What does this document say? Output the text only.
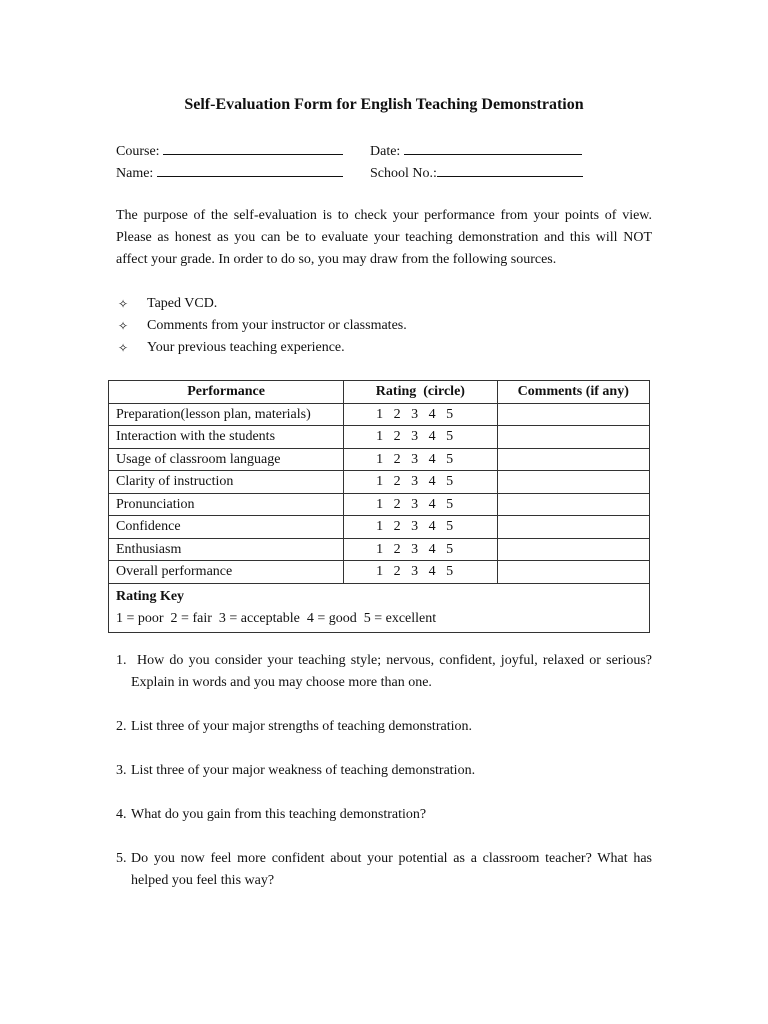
Self-Evaluation Form for English Teaching Demonstration
Course:	Date:
Name:	School No.:
The purpose of the self-evaluation is to check your performance from your points of view. Please as honest as you can be to evaluate your teaching demonstration and this will NOT affect your grade. In order to do so, you may draw from the following sources.
✧ Taped VCD.
✧ Comments from your instructor or classmates.
✧ Your previous teaching experience.
Performance	Rating  (circle)	Comments (if any)
Preparation(lesson plan, materials)	1 2 3 4 5	
Interaction with the students	1 2 3 4 5	
Usage of classroom language	1 2 3 4 5	
Clarity of instruction	1 2 3 4 5	
Pronunciation	1 2 3 4 5	
Confidence	1 2 3 4 5	
Enthusiasm	1 2 3 4 5	
Overall performance	1 2 3 4 5	

Rating Key
1 = poor  2 = fair  3 = acceptable  4 = good  5 = excellent		
1. How do you consider your teaching style; nervous, confident, joyful, relaxed or serious? Explain in words and you may choose more than one.
2. List three of your major strengths of teaching demonstration.
3. List three of your major weakness of teaching demonstration.
4. What do you gain from this teaching demonstration?
5. Do you now feel more confident about your potential as a classroom teacher? What has helped you feel this way?
